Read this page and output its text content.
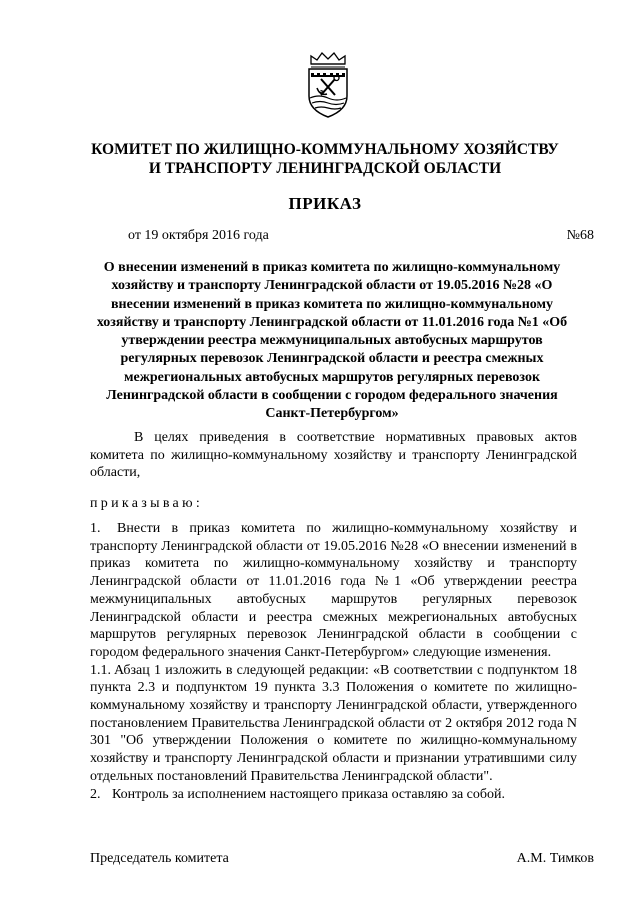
КОМИТЕТ ПО ЖИЛИЩНО-КОММУНАЛЬНОМУ ХОЗЯЙСТВУ
И ТРАНСПОРТУ ЛЕНИНГРАДСКОЙ ОБЛАСТИ
ПРИКАЗ
от 19 октября 2016 года	№68
О внесении изменений в приказ комитета по жилищно-коммунальному хозяйству и транспорту Ленинградской области от 19.05.2016 №28 «О внесении изменений в приказ комитета по жилищно-коммунальному хозяйству и транспорту Ленинградской области от 11.01.2016 года №1 «Об утверждении реестра межмуниципальных автобусных маршрутов регулярных перевозок Ленинградской области и реестра смежных межрегиональных автобусных маршрутов регулярных перевозок Ленинградской области в сообщении с городом федерального значения Санкт-Петербургом»
В целях приведения в соответствие нормативных правовых актов комитета по жилищно-коммунальному хозяйству и транспорту Ленинградской области,
приказываю:

1. Внести в приказ комитета по жилищно-коммунальному хозяйству и транспорту Ленинградской области от 19.05.2016 №28 «О внесении изменений в приказ комитета по жилищно-коммунальному хозяйству и транспорту Ленинградской области от 11.01.2016 года №1 «Об утверждении реестра межмуниципальных автобусных маршрутов регулярных перевозок Ленинградской области и реестра смежных межрегиональных автобусных маршрутов регулярных перевозок Ленинградской области в сообщении с городом федерального значения Санкт-Петербургом» следующие изменения.

1.1. Абзац 1 изложить в следующей редакции: «В соответствии с подпунктом 18 пункта 2.3 и подпунктом 19 пункта 3.3 Положения о комитете по жилищно-коммунальному хозяйству и транспорту Ленинградской области, утвержденного постановлением Правительства Ленинградской области от 2 октября 2012 года N 301 "Об утверждении Положения о комитете по жилищно-коммунальному хозяйству и транспорту Ленинградской области и признании утратившими силу отдельных постановлений Правительства Ленинградской области".

2. Контроль за исполнением настоящего приказа оставляю за собой.

Председатель комитета	А.М. Тимков
